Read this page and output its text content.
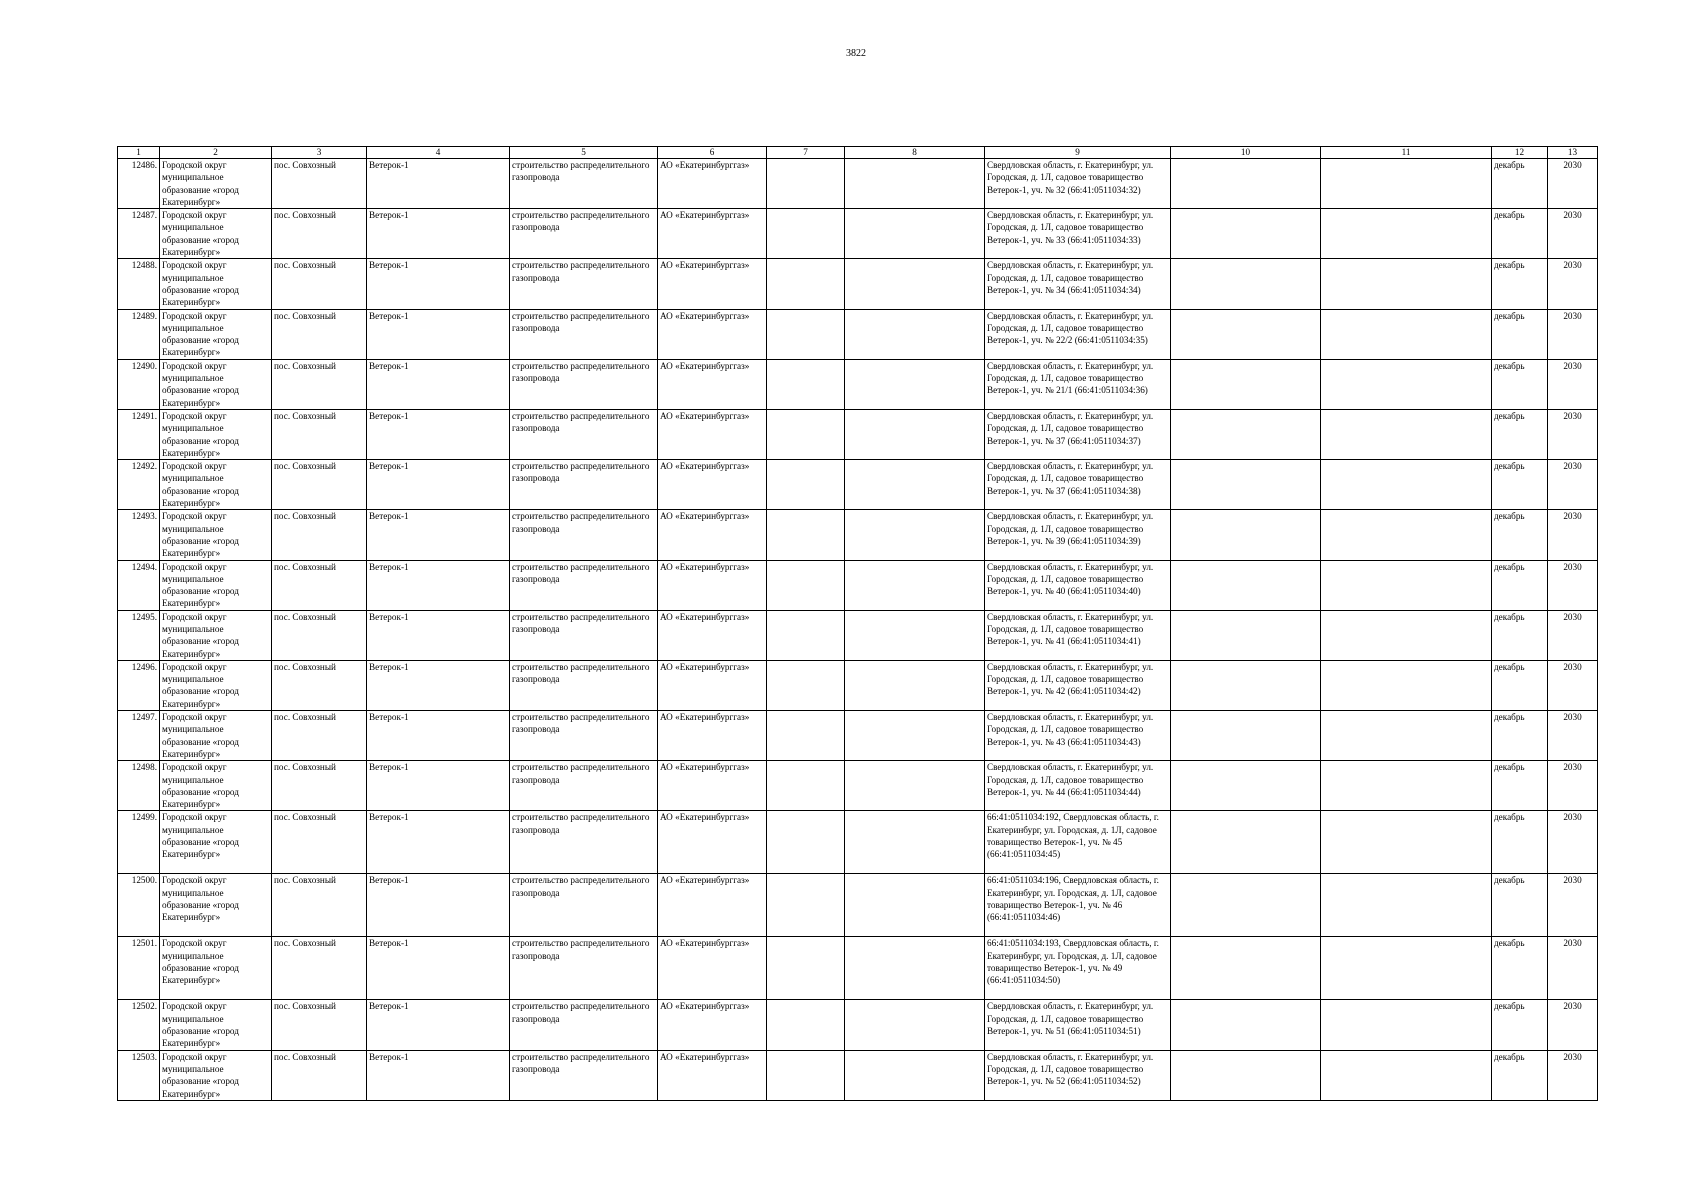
3822
1	2	3	4	5	6	7	8	9	10	11	12	13
12486.	Городской округ муниципальное образование «город Екатеринбург»	пос. Совхозный	Ветерок-1	строительство распределительного газопровода	АО «Екатеринбурггаз»			Свердловская область, г. Екатеринбург, ул. Городская, д. 1Л, садовое товарищество Ветерок-1, уч. № 32 (66:41:0511034:32)			декабрь	2030
12487.	Городской округ муниципальное образование «город Екатеринбург»	пос. Совхозный	Ветерок-1	строительство распределительного газопровода	АО «Екатеринбурггаз»			Свердловская область, г. Екатеринбург, ул. Городская, д. 1Л, садовое товарищество Ветерок-1, уч. № 33 (66:41:0511034:33)			декабрь	2030
12488.	Городской округ муниципальное образование «город Екатеринбург»	пос. Совхозный	Ветерок-1	строительство распределительного газопровода	АО «Екатеринбурггаз»			Свердловская область, г. Екатеринбург, ул. Городская, д. 1Л, садовое товарищество Ветерок-1, уч. № 34 (66:41:0511034:34)			декабрь	2030
12489.	Городской округ муниципальное образование «город Екатеринбург»	пос. Совхозный	Ветерок-1	строительство распределительного газопровода	АО «Екатеринбурггаз»			Свердловская область, г. Екатеринбург, ул. Городская, д. 1Л, садовое товарищество Ветерок-1, уч. № 22/2 (66:41:0511034:35)			декабрь	2030
12490.	Городской округ муниципальное образование «город Екатеринбург»	пос. Совхозный	Ветерок-1	строительство распределительного газопровода	АО «Екатеринбурггаз»			Свердловская область, г. Екатеринбург, ул. Городская, д. 1Л, садовое товарищество Ветерок-1, уч. № 21/1 (66:41:0511034:36)			декабрь	2030
12491.	Городской округ муниципальное образование «город Екатеринбург»	пос. Совхозный	Ветерок-1	строительство распределительного газопровода	АО «Екатеринбурггаз»			Свердловская область, г. Екатеринбург, ул. Городская, д. 1Л, садовое товарищество Ветерок-1, уч. № 37 (66:41:0511034:37)			декабрь	2030
12492.	Городской округ муниципальное образование «город Екатеринбург»	пос. Совхозный	Ветерок-1	строительство распределительного газопровода	АО «Екатеринбурггаз»			Свердловская область, г. Екатеринбург, ул. Городская, д. 1Л, садовое товарищество Ветерок-1, уч. № 37 (66:41:0511034:38)			декабрь	2030
12493.	Городской округ муниципальное образование «город Екатеринбург»	пос. Совхозный	Ветерок-1	строительство распределительного газопровода	АО «Екатеринбурггаз»			Свердловская область, г. Екатеринбург, ул. Городская, д. 1Л, садовое товарищество Ветерок-1, уч. № 39 (66:41:0511034:39)			декабрь	2030
12494.	Городской округ муниципальное образование «город Екатеринбург»	пос. Совхозный	Ветерок-1	строительство распределительного газопровода	АО «Екатеринбурггаз»			Свердловская область, г. Екатеринбург, ул. Городская, д. 1Л, садовое товарищество Ветерок-1, уч. № 40 (66:41:0511034:40)			декабрь	2030
12495.	Городской округ муниципальное образование «город Екатеринбург»	пос. Совхозный	Ветерок-1	строительство распределительного газопровода	АО «Екатеринбурггаз»			Свердловская область, г. Екатеринбург, ул. Городская, д. 1Л, садовое товарищество Ветерок-1, уч. № 41 (66:41:0511034:41)			декабрь	2030
12496.	Городской округ муниципальное образование «город Екатеринбург»	пос. Совхозный	Ветерок-1	строительство распределительного газопровода	АО «Екатеринбурггаз»			Свердловская область, г. Екатеринбург, ул. Городская, д. 1Л, садовое товарищество Ветерок-1, уч. № 42 (66:41:0511034:42)			декабрь	2030
12497.	Городской округ муниципальное образование «город Екатеринбург»	пос. Совхозный	Ветерок-1	строительство распределительного газопровода	АО «Екатеринбурггаз»			Свердловская область, г. Екатеринбург, ул. Городская, д. 1Л, садовое товарищество Ветерок-1, уч. № 43 (66:41:0511034:43)			декабрь	2030
12498.	Городской округ муниципальное образование «город Екатеринбург»	пос. Совхозный	Ветерок-1	строительство распределительного газопровода	АО «Екатеринбурггаз»			Свердловская область, г. Екатеринбург, ул. Городская, д. 1Л, садовое товарищество Ветерок-1, уч. № 44 (66:41:0511034:44)			декабрь	2030
12499.	Городской округ муниципальное образование «город Екатеринбург»	пос. Совхозный	Ветерок-1	строительство распределительного газопровода	АО «Екатеринбурггаз»			66:41:0511034:192, Свердловская область, г. Екатеринбург, ул. Городская, д. 1Л, садовое товарищество Ветерок-1, уч. № 45 (66:41:0511034:45)			декабрь	2030
12500.	Городской округ муниципальное образование «город Екатеринбург»	пос. Совхозный	Ветерок-1	строительство распределительного газопровода	АО «Екатеринбурггаз»			66:41:0511034:196, Свердловская область, г. Екатеринбург, ул. Городская, д. 1Л, садовое товарищество Ветерок-1, уч. № 46 (66:41:0511034:46)			декабрь	2030
12501.	Городской округ муниципальное образование «город Екатеринбург»	пос. Совхозный	Ветерок-1	строительство распределительного газопровода	АО «Екатеринбурггаз»			66:41:0511034:193, Свердловская область, г. Екатеринбург, ул. Городская, д. 1Л, садовое товарищество Ветерок-1, уч. № 49 (66:41:0511034:50)			декабрь	2030
12502.	Городской округ муниципальное образование «город Екатеринбург»	пос. Совхозный	Ветерок-1	строительство распределительного газопровода	АО «Екатеринбурггаз»			Свердловская область, г. Екатеринбург, ул. Городская, д. 1Л, садовое товарищество Ветерок-1, уч. № 51 (66:41:0511034:51)			декабрь	2030
12503.	Городской округ муниципальное образование «город Екатеринбург»	пос. Совхозный	Ветерок-1	строительство распределительного газопровода	АО «Екатеринбурггаз»			Свердловская область, г. Екатеринбург, ул. Городская, д. 1Л, садовое товарищество Ветерок-1, уч. № 52 (66:41:0511034:52)			декабрь	2030
